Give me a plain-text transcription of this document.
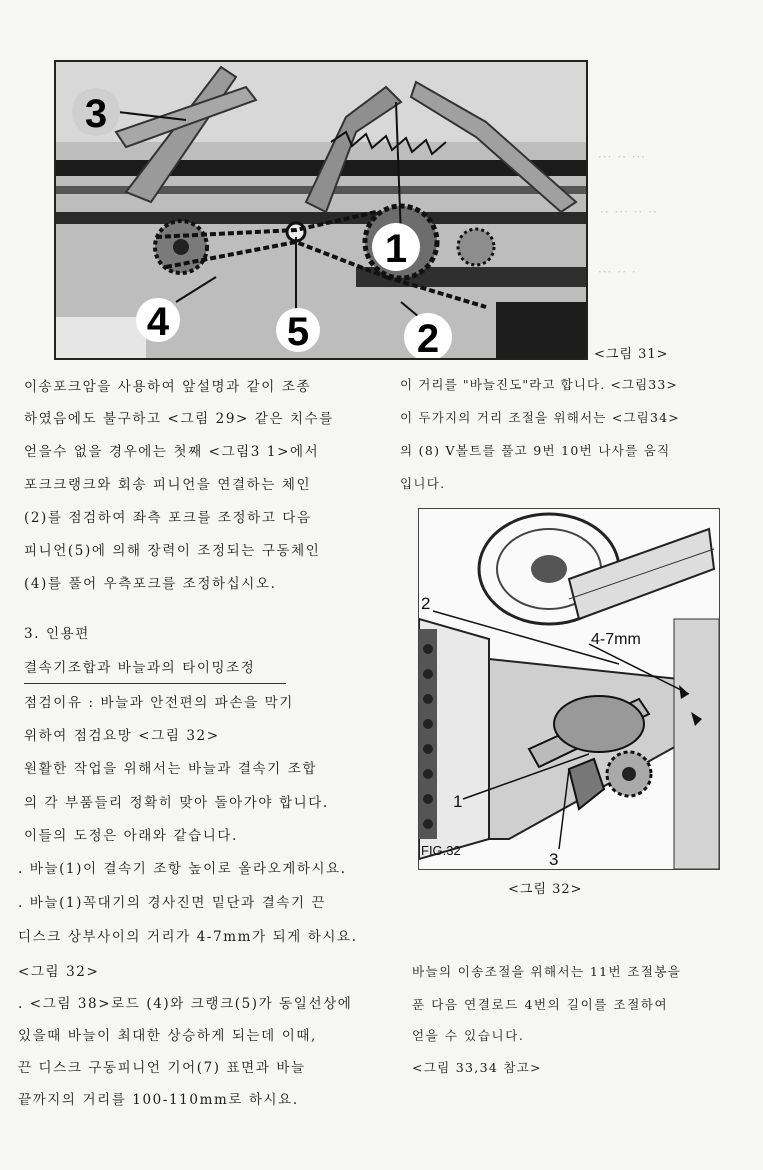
··· ·· ···
·· ··· ·· ··
··· ·· ·
1
2
3
4	5
<그림 31>
이송포크암을 사용하여 앞설명과 같이 조종
하였음에도 불구하고 <그림 29> 같은 치수를
얻을수 없을 경우에는 첫째 <그림3 1>에서
포크크랭크와 회송 피니언을 연결하는 체인
(2)를 점검하여 좌측 포크를 조정하고 다음
피니언(5)에 의해 장력이 조정되는 구동체인
(4)를 풀어 우측포크를 조정하십시오.
3. 인용편
결속기조합과 바늘과의 타이밍조정
점검이유 : 바늘과 안전편의 파손을 막기
위하여 점검요망 <그림 32>
원활한 작업을 위해서는 바늘과 결속기 조합
의 각 부품들리 정확히 맞아 돌아가야 합니다.
이들의 도정은 아래와 같습니다.
. 바늘(1)이 결속기 조항 높이로 올라오게하시요.
. 바늘(1)꼭대기의 경사진면 밑단과 결속기 끈
디스크 상부사이의 거리가 4-7mm가 되게 하시요.
<그림 32>
. <그림 38>로드 (4)와 크랭크(5)가 동일선상에
있을때 바늘이 최대한 상승하게 되는데 이때,
끈 디스크 구동피니언 기어(7) 표면과 바늘
끝까지의 거리를 100-110mm로 하시요.
이 거리를 "바늘진도"라고 합니다. <그림33>
이 두가지의 거리 조절을 위해서는 <그림34>
의 (8) V볼트를 풀고 9번 10번 나사를 움직
입니다.
2
1
3
4-7mm
FIG.32
<그림 32>
바늘의 이송조절을 위해서는 11번 조절봉을
푼 다음 연결로드 4번의 길이를 조절하여
얻을 수 있습니다.
<그림 33,34 참고>
